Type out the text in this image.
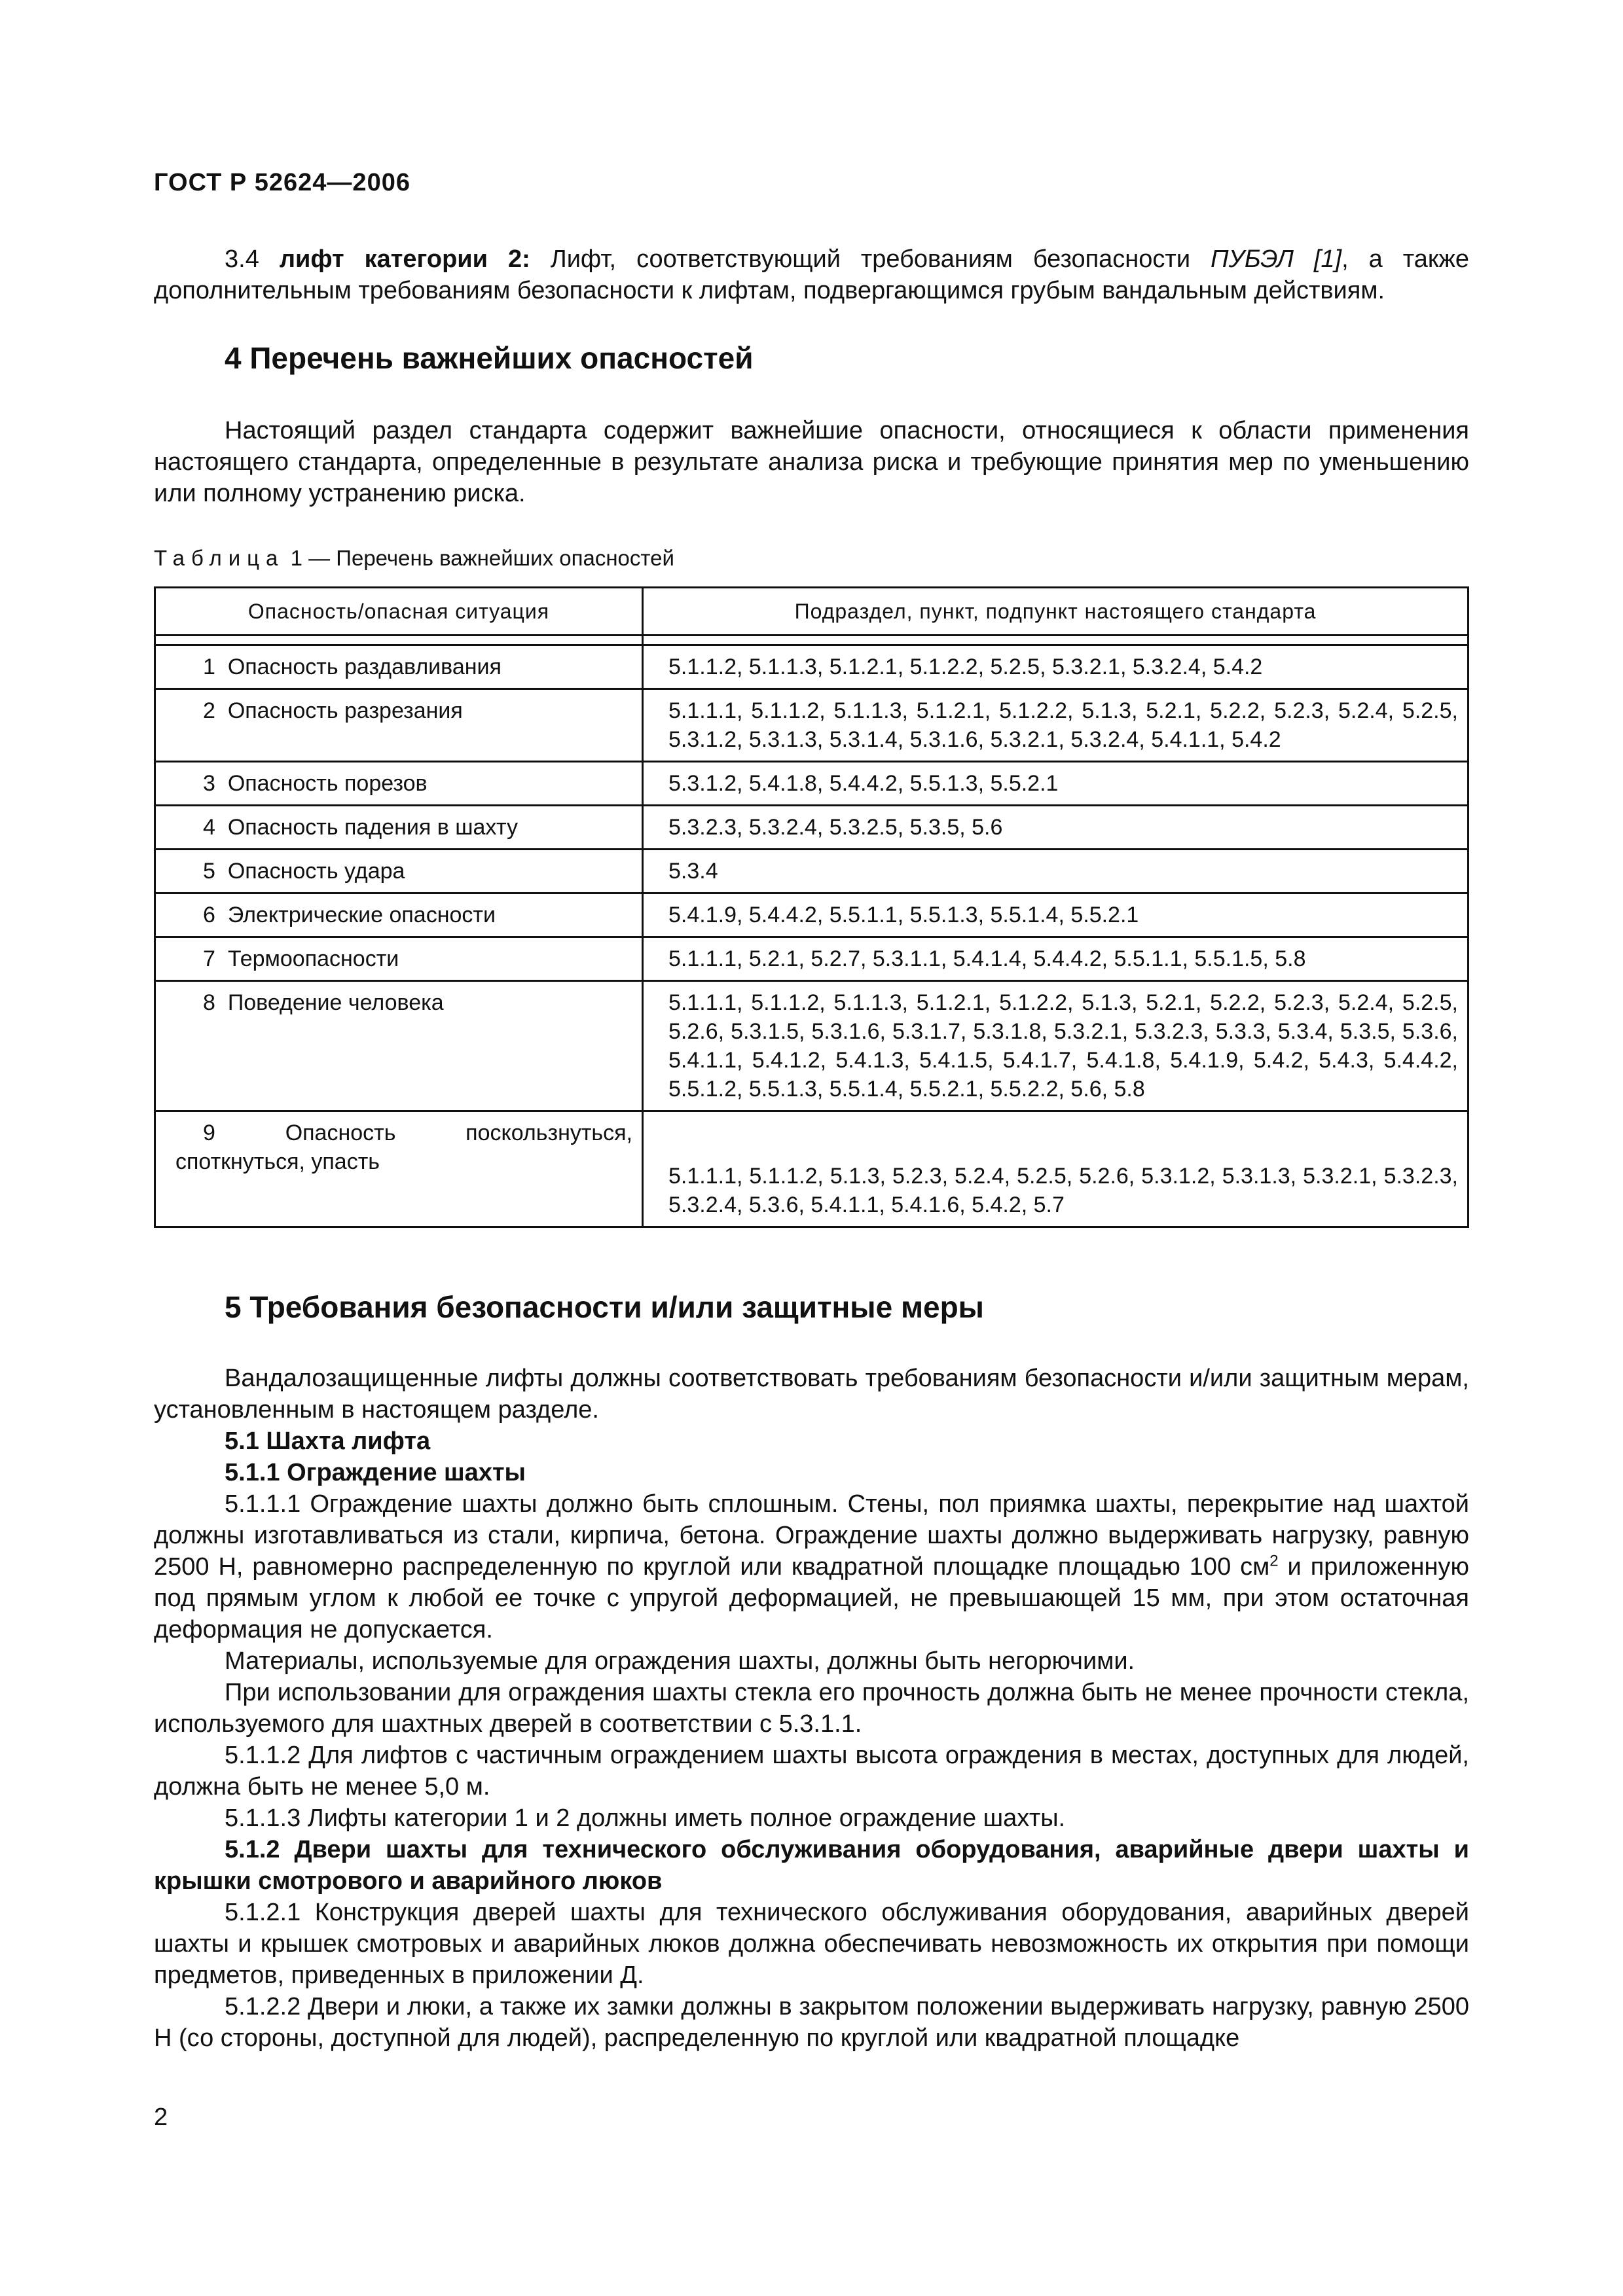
ГОСТ Р 52624—2006

3.4 лифт категории 2: Лифт, соответствующий требованиям безопасности ПУБЭЛ [1], а также дополнительным требованиям безопасности к лифтам, подвергающимся грубым вандальным действиям.

4 Перечень важнейших опасностей

Настоящий раздел стандарта содержит важнейшие опасности, относящиеся к области применения настоящего стандарта, определенные в результате анализа риска и требующие принятия мер по уменьшению или полному устранению риска.

Таблица 1 — Перечень важнейших опасностей
Опасность/опасная ситуация	Подраздел, пункт, подпункт настоящего стандарта

1 Опасность раздавливания	5.1.1.2, 5.1.1.3, 5.1.2.1, 5.1.2.2, 5.2.5, 5.3.2.1, 5.3.2.4, 5.4.2
2 Опасность разрезания	5.1.1.1, 5.1.1.2, 5.1.1.3, 5.1.2.1, 5.1.2.2, 5.1.3, 5.2.1, 5.2.2, 5.2.3, 5.2.4, 5.2.5, 5.3.1.2, 5.3.1.3, 5.3.1.4, 5.3.1.6, 5.3.2.1, 5.3.2.4, 5.4.1.1, 5.4.2
3 Опасность порезов	5.3.1.2, 5.4.1.8, 5.4.4.2, 5.5.1.3, 5.5.2.1
4 Опасность падения в шахту	5.3.2.3, 5.3.2.4, 5.3.2.5, 5.3.5, 5.6
5 Опасность удара	5.3.4
6 Электрические опасности	5.4.1.9, 5.4.4.2, 5.5.1.1, 5.5.1.3, 5.5.1.4, 5.5.2.1
7 Термоопасности	5.1.1.1, 5.2.1, 5.2.7, 5.3.1.1, 5.4.1.4, 5.4.4.2, 5.5.1.1, 5.5.1.5, 5.8
8 Поведение человека	5.1.1.1, 5.1.1.2, 5.1.1.3, 5.1.2.1, 5.1.2.2, 5.1.3, 5.2.1, 5.2.2, 5.2.3, 5.2.4, 5.2.5, 5.2.6, 5.3.1.5, 5.3.1.6, 5.3.1.7, 5.3.1.8, 5.3.2.1, 5.3.2.3, 5.3.3, 5.3.4, 5.3.5, 5.3.6, 5.4.1.1, 5.4.1.2, 5.4.1.3, 5.4.1.5, 5.4.1.7, 5.4.1.8, 5.4.1.9, 5.4.2, 5.4.3, 5.4.4.2, 5.5.1.2, 5.5.1.3, 5.5.1.4, 5.5.2.1, 5.5.2.2, 5.6, 5.8
9 Опасность поскользнуться, споткнуться, упасть	5.1.1.1, 5.1.1.2, 5.1.3, 5.2.3, 5.2.4, 5.2.5, 5.2.6, 5.3.1.2, 5.3.1.3, 5.3.2.1, 5.3.2.3, 5.3.2.4, 5.3.6, 5.4.1.1, 5.4.1.6, 5.4.2, 5.7
5 Требования безопасности и/или защитные меры

Вандалозащищенные лифты должны соответствовать требованиям безопасности и/или защитным мерам, установленным в настоящем разделе.

5.1 Шахта лифта

5.1.1 Ограждение шахты

5.1.1.1 Ограждение шахты должно быть сплошным. Стены, пол приямка шахты, перекрытие над шахтой должны изготавливаться из стали, кирпича, бетона. Ограждение шахты должно выдерживать нагрузку, равную 2500 Н, равномерно распределенную по круглой или квадратной площадке площадью 100 $см^2$ и приложенную под прямым углом к любой ее точке с упругой деформацией, не превышающей 15 мм, при этом остаточная деформация не допускается.

Материалы, используемые для ограждения шахты, должны быть негорючими.

При использовании для ограждения шахты стекла его прочность должна быть не менее прочности стекла, используемого для шахтных дверей в соответствии с 5.3.1.1.

5.1.1.2 Для лифтов с частичным ограждением шахты высота ограждения в местах, доступных для людей, должна быть не менее 5,0 м.

5.1.1.3 Лифты категории 1 и 2 должны иметь полное ограждение шахты.

5.1.2 Двери шахты для технического обслуживания оборудования, аварийные двери шахты и крышки смотрового и аварийного люков

5.1.2.1 Конструкция дверей шахты для технического обслуживания оборудования, аварийных дверей шахты и крышек смотровых и аварийных люков должна обеспечивать невозможность их открытия при помощи предметов, приведенных в приложении Д.

5.1.2.2 Двери и люки, а также их замки должны в закрытом положении выдерживать нагрузку, равную 2500 Н (со стороны, доступной для людей), распределенную по круглой или квадратной площадке

2
